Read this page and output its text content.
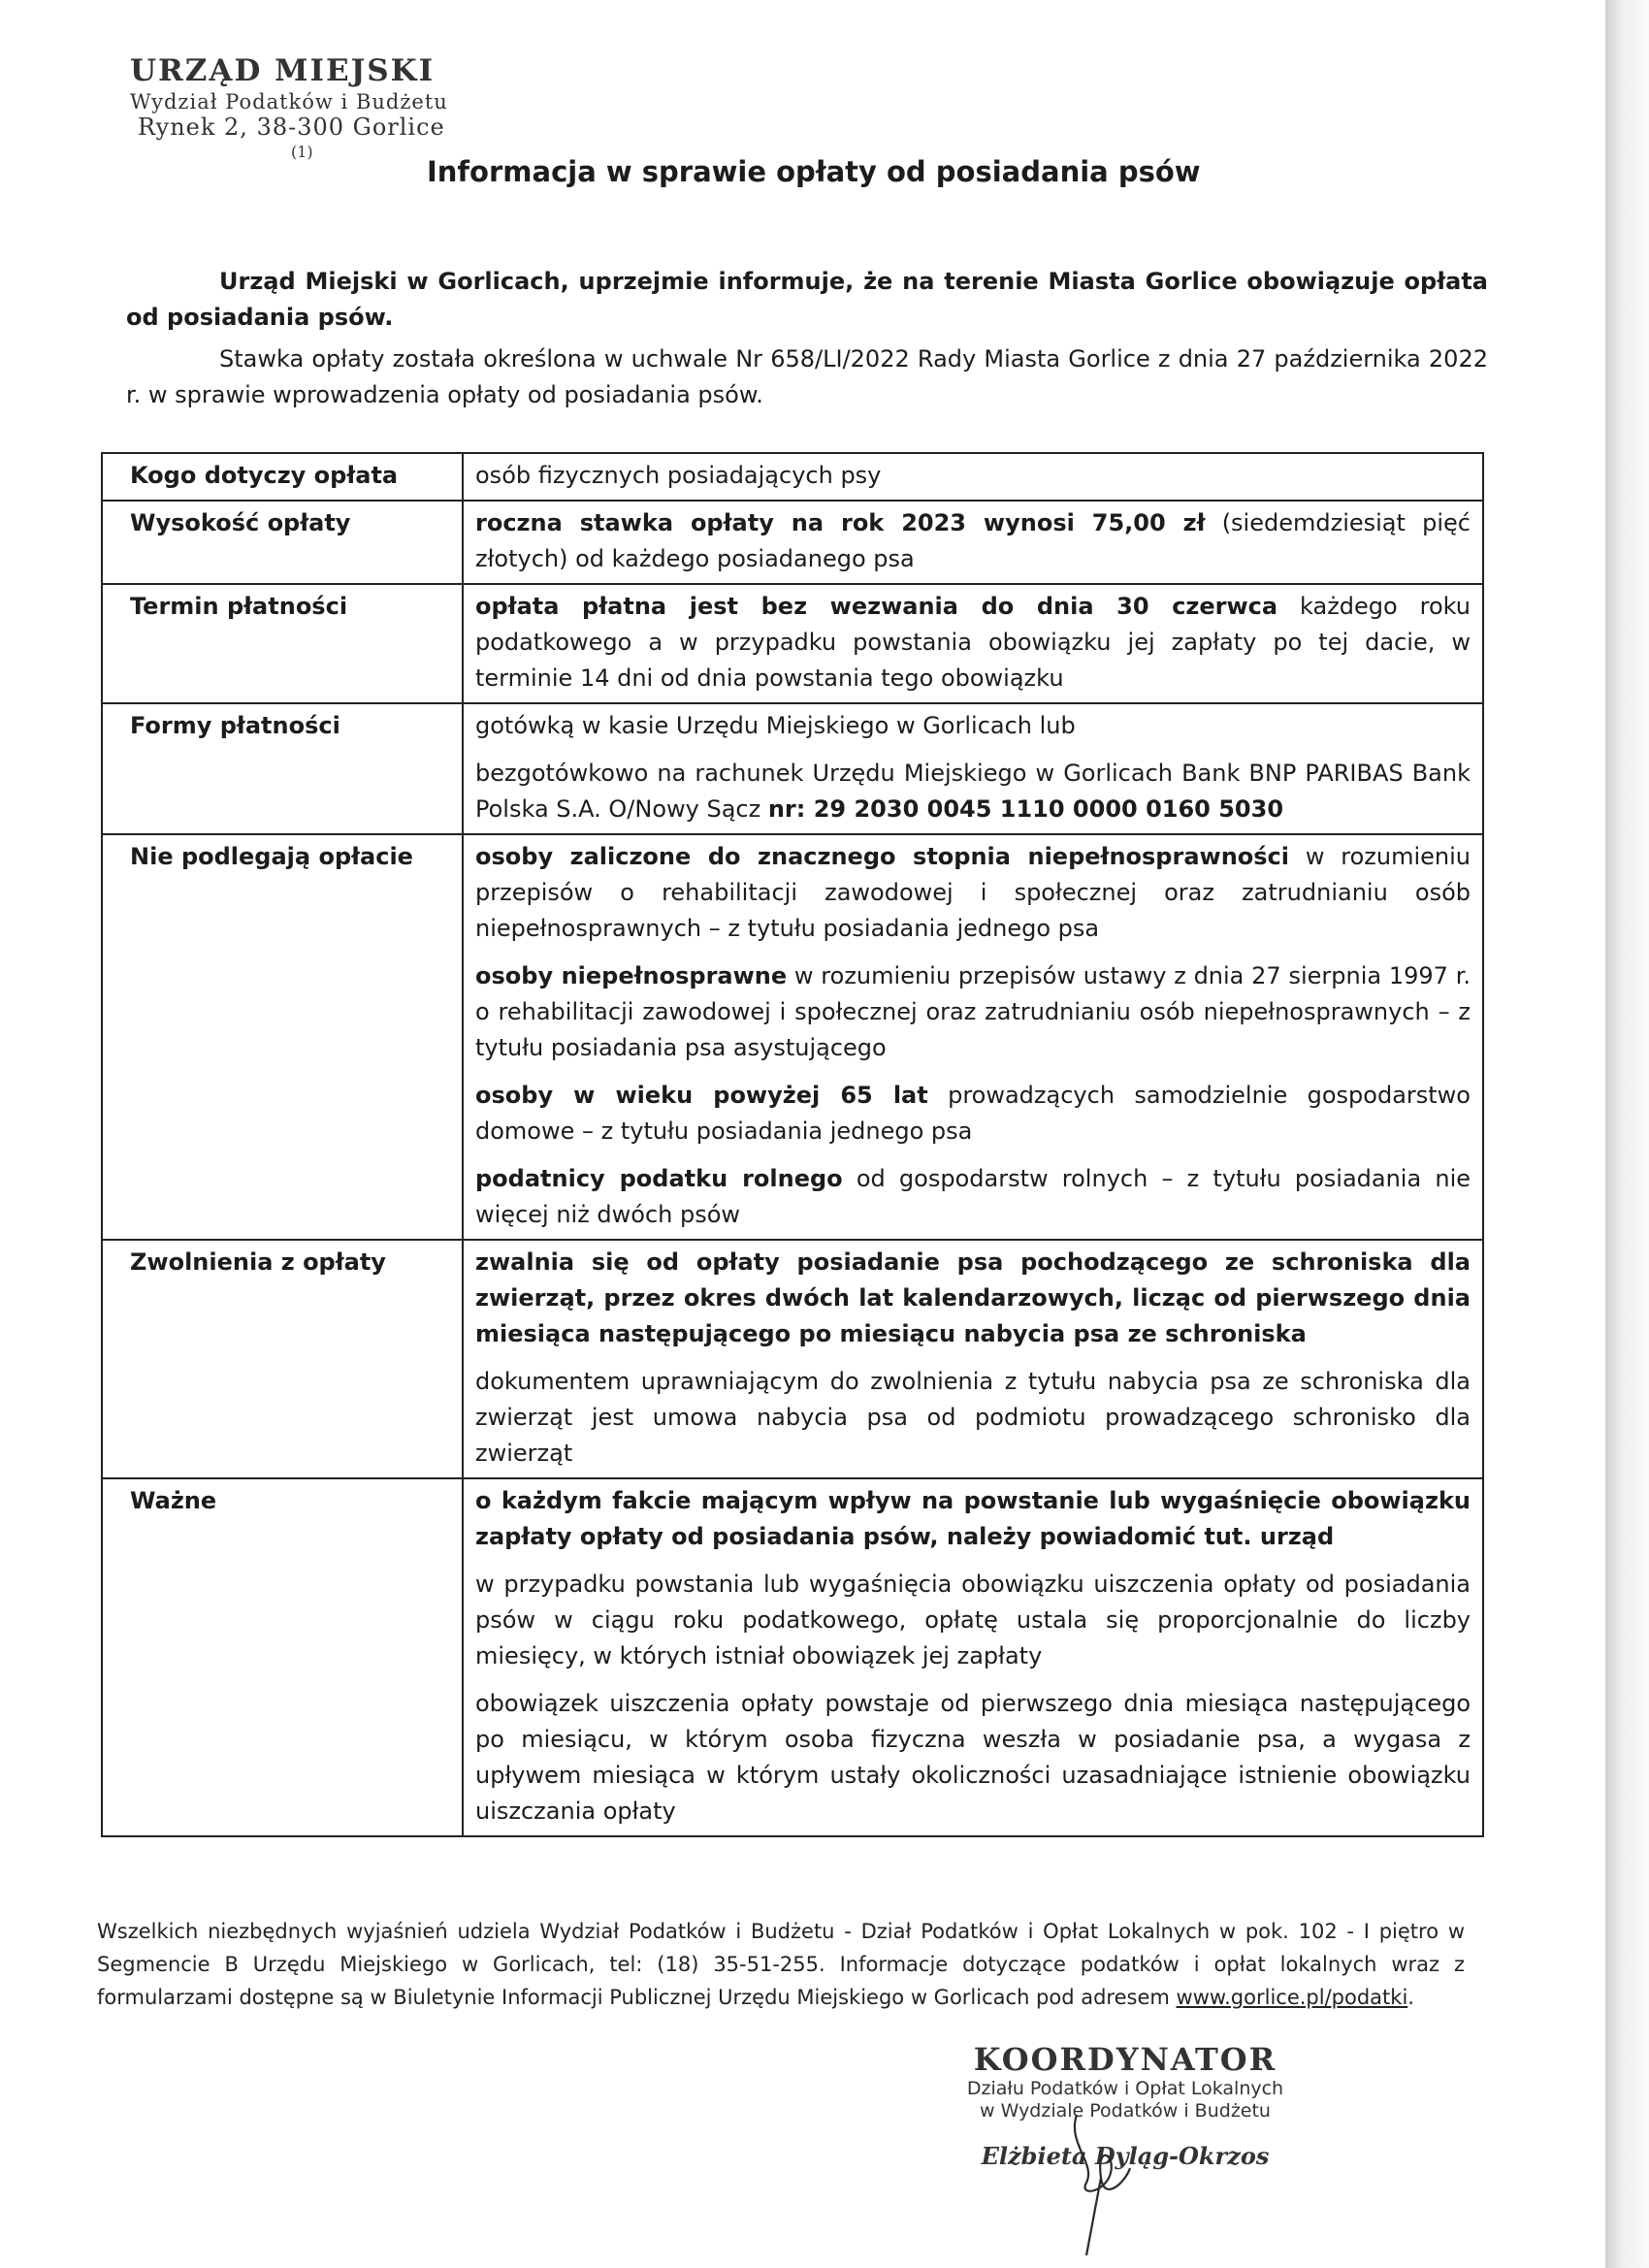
URZĄD MIEJSKI
Wydział Podatków i Budżetu
Rynek 2, 38-300 Gorlice
(1)
Informacja w sprawie opłaty od posiadania psów

Urząd Miejski w Gorlicach, uprzejmie informuje, że na terenie Miasta Gorlice obowiązuje opłata od posiadania psów.

Stawka opłaty została określona w uchwale Nr 658/LI/2022 Rady Miasta Gorlice z dnia 27 października 2022 r. w sprawie wprowadzenia opłaty od posiadania psów.

Kogo dotyczy opłata	osób fizycznych posiadających psy

Wysokość opłaty	roczna stawka opłaty na rok 2023 wynosi 75,00 zł (siedemdziesiąt pięć złotych) od każdego posiadanego psa

Termin płatności	opłata płatna jest bez wezwania do dnia 30 czerwca każdego roku podatkowego a w przypadku powstania obowiązku jej zapłaty po tej dacie, w terminie 14 dni od dnia powstania tego obowiązku

Formy płatności	gotówką w kasie Urzędu Miejskiego w Gorlicach lub

bezgotówkowo na rachunek Urzędu Miejskiego w Gorlicach Bank BNP PARIBAS Bank Polska S.A. O/Nowy Sącz nr: 29 2030 0045 1110 0000 0160 5030

Nie podlegają opłacie	osoby zaliczone do znacznego stopnia niepełnosprawności w rozumieniu przepisów o rehabilitacji zawodowej i społecznej oraz zatrudnianiu osób niepełnosprawnych – z tytułu posiadania jednego psa

osoby niepełnosprawne w rozumieniu przepisów ustawy z dnia 27 sierpnia 1997 r. o rehabilitacji zawodowej i społecznej oraz zatrudnianiu osób niepełnosprawnych – z tytułu posiadania psa asystującego

osoby w wieku powyżej 65 lat prowadzących samodzielnie gospodarstwo domowe – z tytułu posiadania jednego psa

podatnicy podatku rolnego od gospodarstw rolnych – z tytułu posiadania nie więcej niż dwóch psów

Zwolnienia z opłaty	zwalnia się od opłaty posiadanie psa pochodzącego ze schroniska dla zwierząt, przez okres dwóch lat kalendarzowych, licząc od pierwszego dnia miesiąca następującego po miesiącu nabycia psa ze schroniska

dokumentem uprawniającym do zwolnienia z tytułu nabycia psa ze schroniska dla zwierząt jest umowa nabycia psa od podmiotu prowadzącego schronisko dla zwierząt

Ważne	o każdym fakcie mającym wpływ na powstanie lub wygaśnięcie obowiązku zapłaty opłaty od posiadania psów, należy powiadomić tut. urząd

w przypadku powstania lub wygaśnięcia obowiązku uiszczenia opłaty od posiadania psów w ciągu roku podatkowego, opłatę ustala się proporcjonalnie do liczby miesięcy, w których istniał obowiązek jej zapłaty

obowiązek uiszczenia opłaty powstaje od pierwszego dnia miesiąca następującego po miesiącu, w którym osoba fizyczna weszła w posiadanie psa, a wygasa z upływem miesiąca w którym ustały okoliczności uzasadniające istnienie obowiązku uiszczania opłaty

Wszelkich niezbędnych wyjaśnień udziela Wydział Podatków i Budżetu - Dział Podatków i Opłat Lokalnych w pok. 102 - I piętro w Segmencie B Urzędu Miejskiego w Gorlicach, tel: (18) 35-51-255. Informacje dotyczące podatków i opłat lokalnych wraz z formularzami dostępne są w Biuletynie Informacji Publicznej Urzędu Miejskiego w Gorlicach pod adresem www.gorlice.pl/podatki.
KOORDYNATOR
Działu Podatków i Opłat Lokalnych
w Wydziale Podatków i Budżetu
Elżbieta Dyląg-Okrzos
